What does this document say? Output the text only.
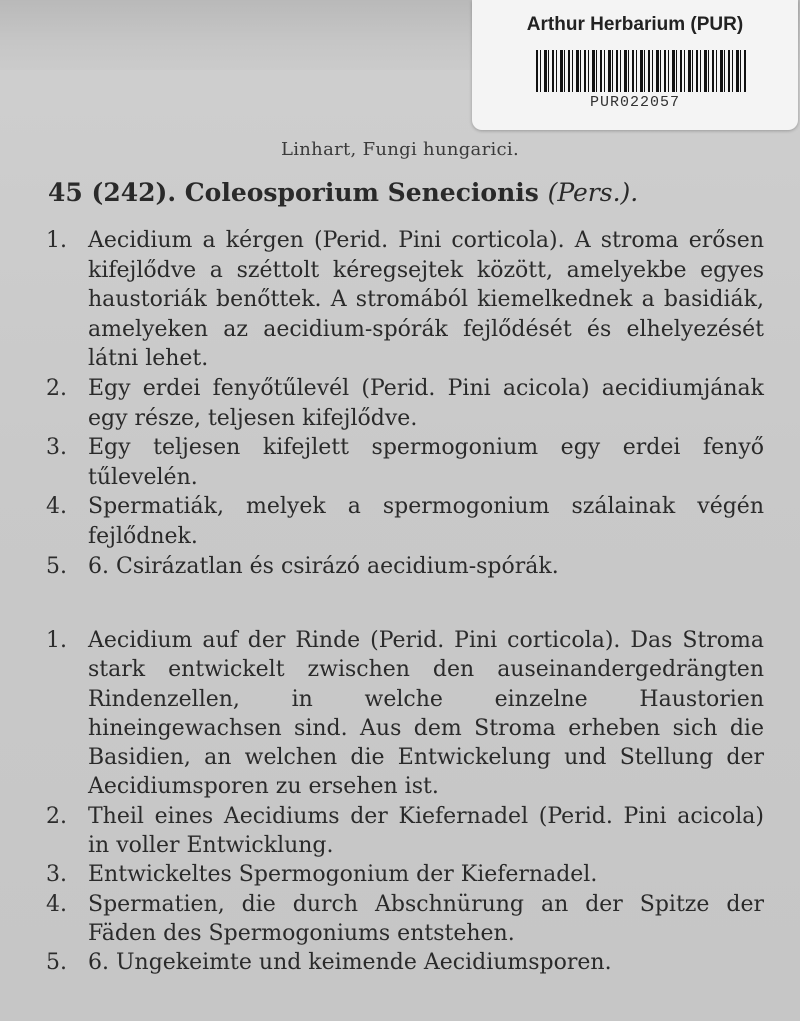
Arthur Herbarium (PUR)
PUR022057
Linhart, Fungi hungarici.
45 (242). Coleosporium Senecionis (Pers.).
1. Aecidium a kérgen (Perid. Pini corticola). A stroma erősen kifejlődve a széttolt kéregsejtek között, amelyekbe egyes haustoriák benőttek. A stromából kiemelkednek a basidiák, amelyeken az aecidium-spórák fejlődését és elhelyezését látni lehet.
2. Egy erdei fenyőtűlevél (Perid. Pini acicola) aecidiumjának egy része, teljesen kifejlődve.
3. Egy teljesen kifejlett spermogonium egy erdei fenyő tűlevelén.
4. Spermatiák, melyek a spermogonium szálainak végén fejlődnek.
5. 6. Csirázatlan és csirázó aecidium-spórák.
1. Aecidium auf der Rinde (Perid. Pini corticola). Das Stroma stark entwickelt zwischen den auseinandergedrängten Rindenzellen, in welche einzelne Haustorien hineingewachsen sind. Aus dem Stroma erheben sich die Basidien, an welchen die Entwickelung und Stellung der Aecidiumsporen zu ersehen ist.
2. Theil eines Aecidiums der Kiefernadel (Perid. Pini acicola) in voller Entwicklung.
3. Entwickeltes Spermogonium der Kiefernadel.
4. Spermatien, die durch Abschnürung an der Spitze der Fäden des Spermogoniums entstehen.
5. 6. Ungekeimte und keimende Aecidiumsporen.
